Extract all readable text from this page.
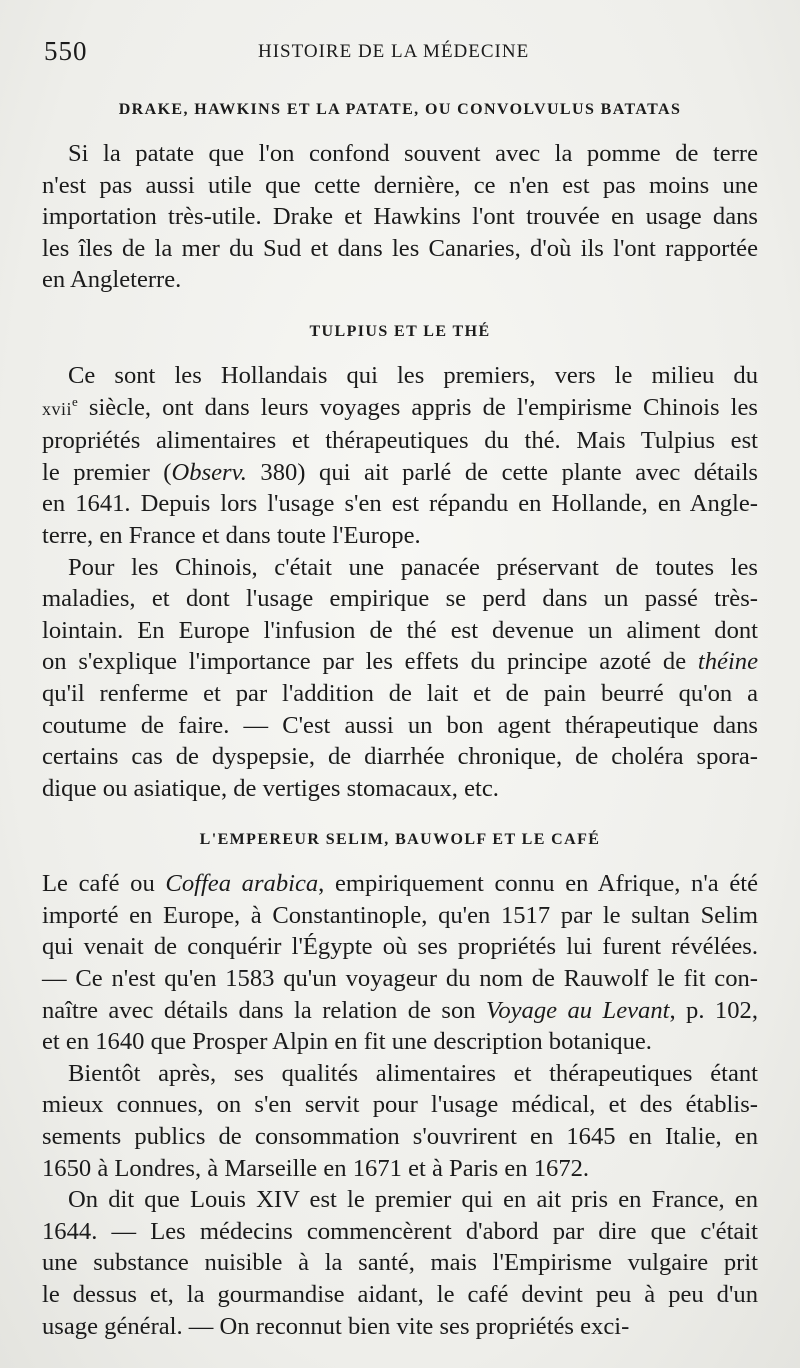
550	HISTOIRE DE LA MÉDECINE
DRAKE, HAWKINS ET LA PATATE, OU CONVOLVULUS BATATAS
Si la patate que l'on confond souvent avec la pomme de terre
n'est pas aussi utile que cette dernière, ce n'en est pas moins une
importation très-utile. Drake et Hawkins l'ont trouvée en usage dans
les îles de la mer du Sud et dans les Canaries, d'où ils l'ont rapportée
en Angleterre.
TULPIUS ET LE THÉ
Ce sont les Hollandais qui les premiers, vers le milieu du
xvii$^e$ siècle, ont dans leurs voyages appris de l'empirisme Chinois les
propriétés alimentaires et thérapeutiques du thé. Mais Tulpius est
le premier (Observ. 380) qui ait parlé de cette plante avec détails
en 1641. Depuis lors l'usage s'en est répandu en Hollande, en Angle-
terre, en France et dans toute l'Europe.
Pour les Chinois, c'était une panacée préservant de toutes les
maladies, et dont l'usage empirique se perd dans un passé très-
lointain. En Europe l'infusion de thé est devenue un aliment dont
on s'explique l'importance par les effets du principe azoté de théine
qu'il renferme et par l'addition de lait et de pain beurré qu'on a
coutume de faire. — C'est aussi un bon agent thérapeutique dans
certains cas de dyspepsie, de diarrhée chronique, de choléra spora-
dique ou asiatique, de vertiges stomacaux, etc.
L'EMPEREUR SELIM, BAUWOLF ET LE CAFÉ
Le café ou Coffea arabica, empiriquement connu en Afrique, n'a été
importé en Europe, à Constantinople, qu'en 1517 par le sultan Selim
qui venait de conquérir l'Égypte où ses propriétés lui furent révélées.
— Ce n'est qu'en 1583 qu'un voyageur du nom de Rauwolf le fit con-
naître avec détails dans la relation de son Voyage au Levant, p. 102,
et en 1640 que Prosper Alpin en fit une description botanique.
Bientôt après, ses qualités alimentaires et thérapeutiques étant
mieux connues, on s'en servit pour l'usage médical, et des établis-
sements publics de consommation s'ouvrirent en 1645 en Italie, en
1650 à Londres, à Marseille en 1671 et à Paris en 1672.
On dit que Louis XIV est le premier qui en ait pris en France, en
1644. — Les médecins commencèrent d'abord par dire que c'était
une substance nuisible à la santé, mais l'Empirisme vulgaire prit
le dessus et, la gourmandise aidant, le café devint peu à peu d'un
usage général. — On reconnut bien vite ses propriétés exci-
